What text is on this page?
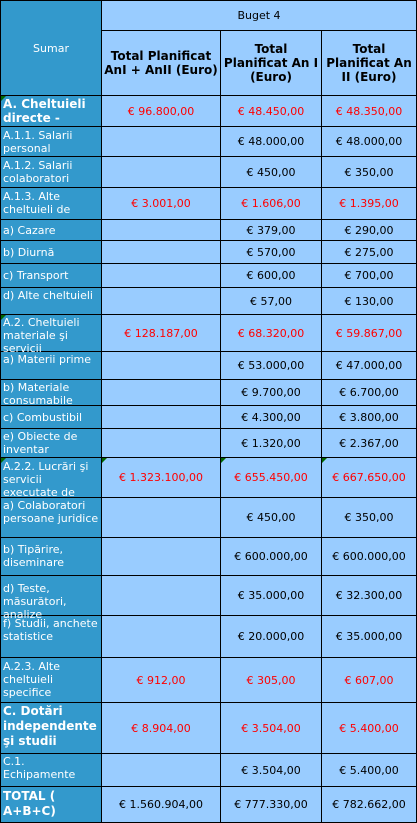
Sumar	Buget 4		
	Total Planificat AnI + AnII (Euro)	Total Planificat An I (Euro)	Total Planificat An II (Euro)

A. Cheltuieli directe -	€ 96.800,00	€ 48.450,00	€ 48.350,00

A.1.1. Salarii personal		€ 48.000,00	€ 48.000,00

A.1.2. Salarii colaboratori		€ 450,00	€ 350,00

A.1.3. Alte cheltuieli de	€ 3.001,00	€ 1.606,00	€ 1.395,00

a) Cazare		€ 379,00	€ 290,00

b) Diurnă		€ 570,00	€ 275,00

c) Transport		€ 600,00	€ 700,00

d) Alte cheltuieli		€ 57,00	€ 130,00

A.2. Cheltuieli materiale şi servicii	€ 128.187,00	€ 68.320,00	€ 59.867,00

a) Materii prime		€ 53.000,00	€ 47.000,00

b) Materiale consumabile		€ 9.700,00	€ 6.700,00

c) Combustibil		€ 4.300,00	€ 3.800,00

e) Obiecte de inventar		€ 1.320,00	€ 2.367,00

A.2.2. Lucrări şi servicii executate de	€ 1.323.100,00	€ 655.450,00	€ 667.650,00

a) Colaboratori persoane juridice		€ 450,00	€ 350,00

b) Tipărire, diseminare		€ 600.000,00	€ 600.000,00

d) Teste, măsurători, analize		€ 35.000,00	€ 32.300,00

f) Studii, anchete statistice		€ 20.000,00	€ 35.000,00

A.2.3. Alte cheltuieli specifice	€ 912,00	€ 305,00	€ 607,00

C. Dotări independente şi studii	€ 8.904,00	€ 3.504,00	€ 5.400,00

C.1. Echipamente		€ 3.504,00	€ 5.400,00

TOTAL ( A+B+C)	€ 1.560.904,00	€ 777.330,00	€ 782.662,00
